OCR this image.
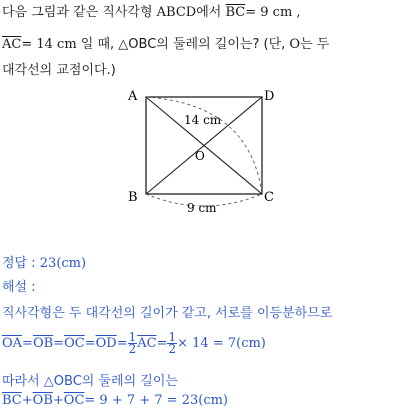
다음 그림과 같은 직사각형 ABCD에서 $\overline{BC}= 9$ cm ,
$\overline{AC}= 14$ cm 일 때, △OBC의 둘레의 길이는? (단, O는 두
대각선의 교점이다.)
A	D
B	C
O
14 cm
9 cm
정답 : 23(cm)
해설 :
직사각형은 두 대각선의 길이가 같고, 서로를 이등분하므로
$\overline{OA} = \overline{OB} = \overline{OC} = \overline{OD} = \frac{1}{2} \overline{AC} = \frac{1}{2} \times 14 = 7(cm)$
따라서 △OBC의 둘레의 길이는
$\overline{BC}+\overline{OB}+\overline{OC}= 9 + 7 + 7 = 23(cm)$
